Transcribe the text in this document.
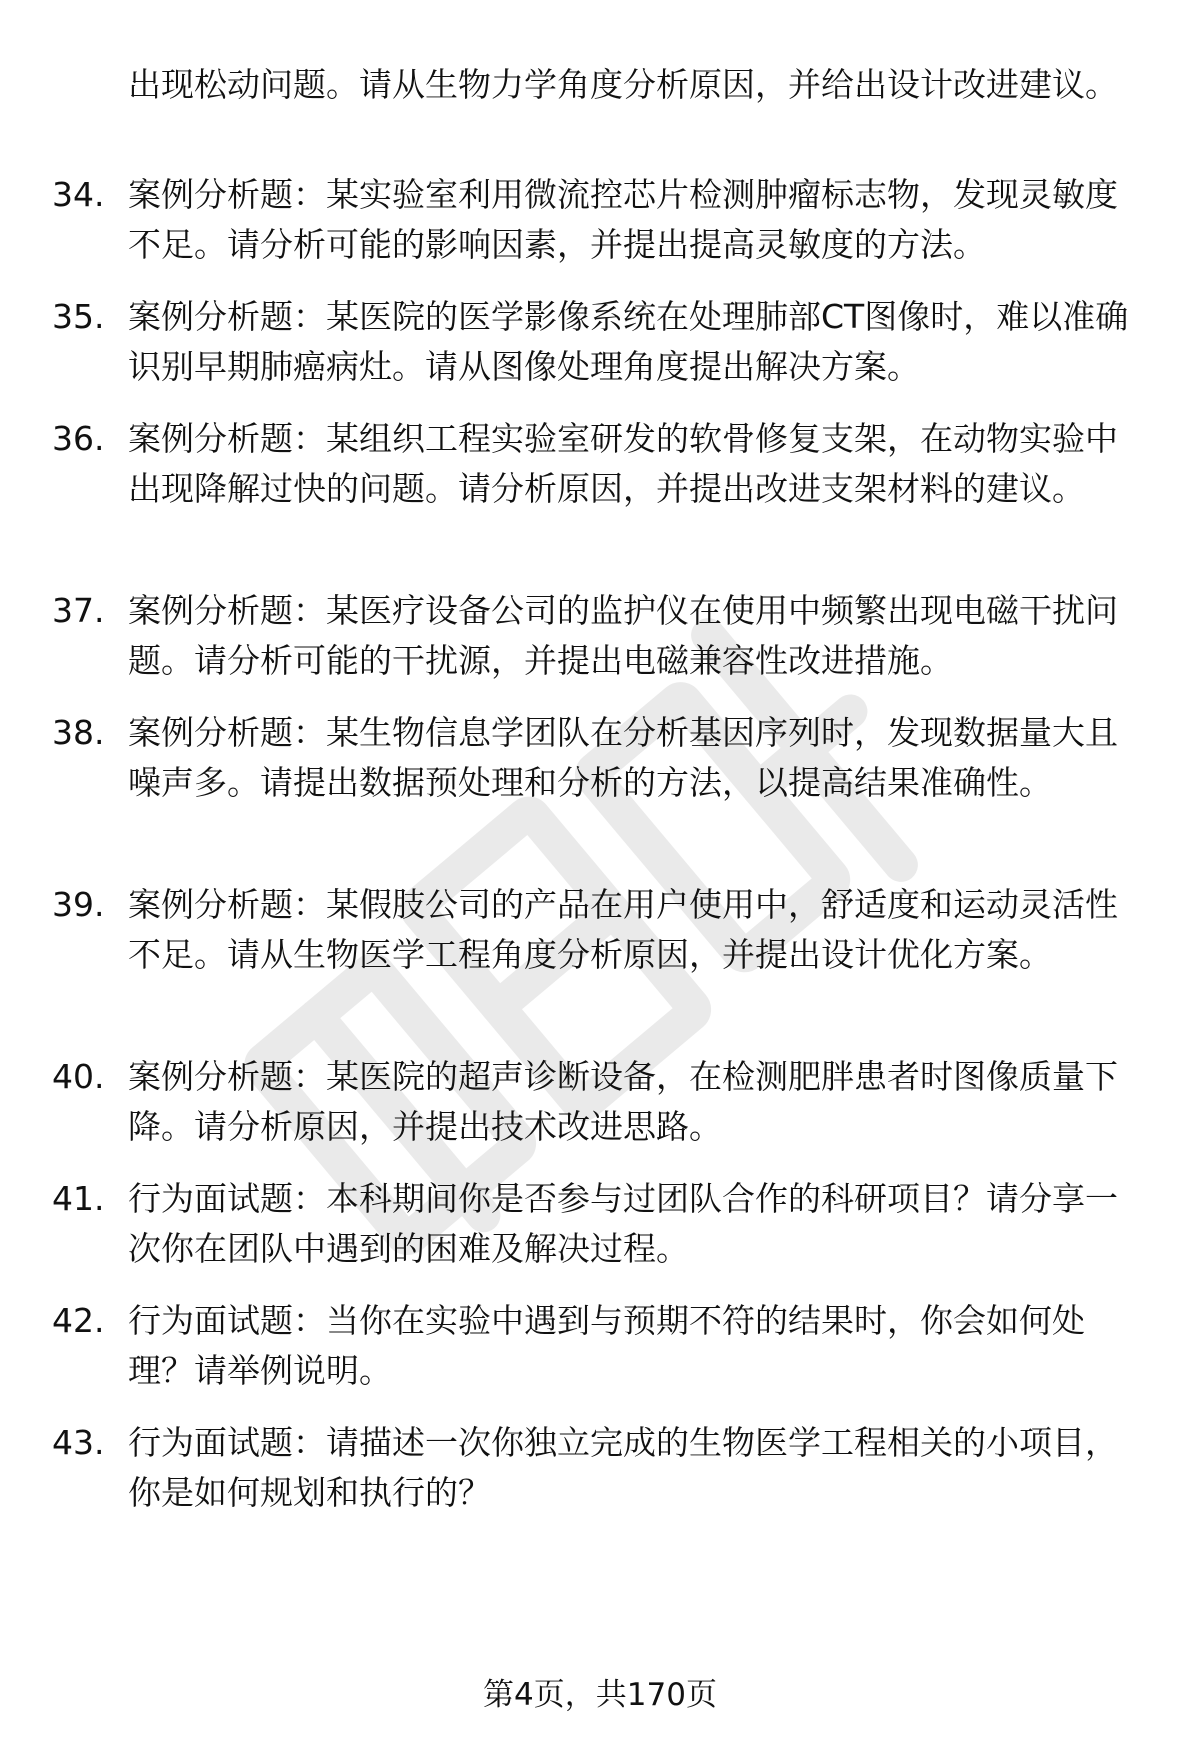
出现松动问题。请从生物力学角度分析原因，并给出设计改进建议。
34. 案例分析题：某实验室利用微流控芯片检测肿瘤标志物，发现灵敏度不足。请分析可能的影响因素，并提出提高灵敏度的方法。
35. 案例分析题：某医院的医学影像系统在处理肺部CT图像时，难以准确识别早期肺癌病灶。请从图像处理角度提出解决方案。
36. 案例分析题：某组织工程实验室研发的软骨修复支架，在动物实验中出现降解过快的问题。请分析原因，并提出改进支架材料的建议。
37. 案例分析题：某医疗设备公司的监护仪在使用中频繁出现电磁干扰问题。请分析可能的干扰源，并提出电磁兼容性改进措施。
38. 案例分析题：某生物信息学团队在分析基因序列时，发现数据量大且噪声多。请提出数据预处理和分析的方法，以提高结果准确性。
39. 案例分析题：某假肢公司的产品在用户使用中，舒适度和运动灵活性不足。请从生物医学工程角度分析原因，并提出设计优化方案。
40. 案例分析题：某医院的超声诊断设备，在检测肥胖患者时图像质量下降。请分析原因，并提出技术改进思路。
41. 行为面试题：本科期间你是否参与过团队合作的科研项目？请分享一次你在团队中遇到的困难及解决过程。
42. 行为面试题：当你在实验中遇到与预期不符的结果时，你会如何处理？请举例说明。
43. 行为面试题：请描述一次你独立完成的生物医学工程相关的小项目，你是如何规划和执行的？
第4页，共170页
